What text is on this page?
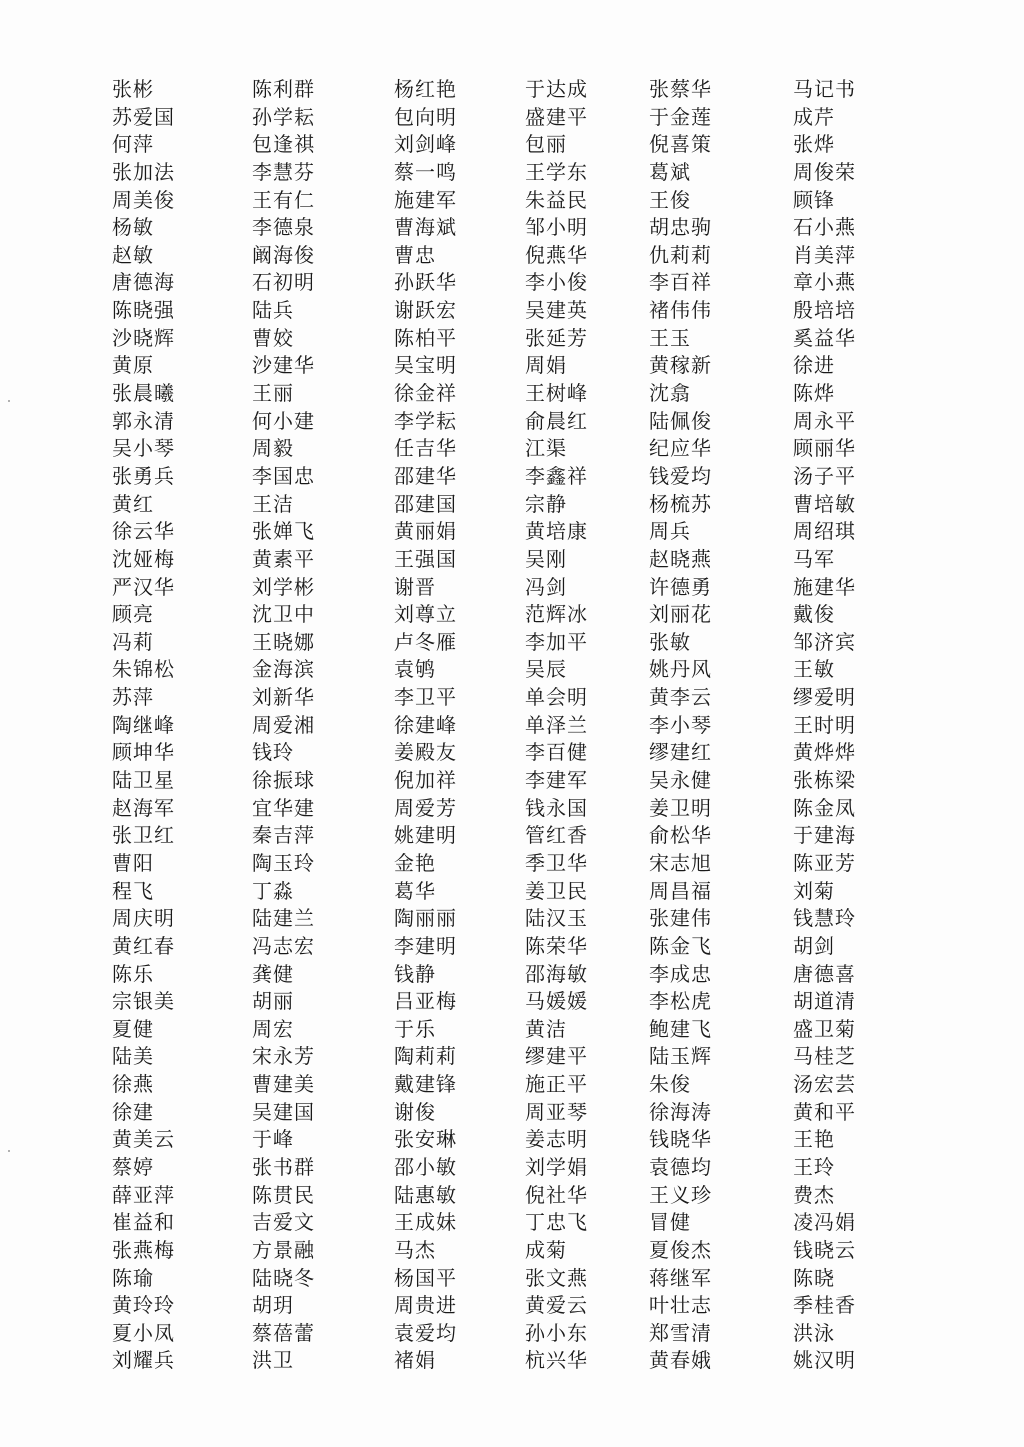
张彬	陈利群	杨红艳	于达成	张蔡华	马记书
苏爱国	孙学耘	包向明	盛建平	于金莲	成芹
何萍	包逢祺	刘剑峰	包丽	倪喜策	张烨
张加法	李慧芬	蔡一鸣	王学东	葛斌	周俊荣
周美俊	王有仁	施建军	朱益民	王俊	顾锋
杨敏	李德泉	曹海斌	邹小明	胡忠驹	石小燕
赵敏	阚海俊	曹忠	倪燕华	仇莉莉	肖美萍
唐德海	石初明	孙跃华	李小俊	李百祥	章小燕
陈晓强	陆兵	谢跃宏	吴建英	褚伟伟	殷培培
沙晓辉	曹姣	陈柏平	张延芳	王玉	奚益华
黄原	沙建华	吴宝明	周娟	黄稼新	徐进
张晨曦	王丽	徐金祥	王树峰	沈翕	陈烨
郭永清	何小建	李学耘	俞晨红	陆佩俊	周永平
吴小琴	周毅	任吉华	江渠	纪应华	顾丽华
张勇兵	李国忠	邵建华	李鑫祥	钱爱均	汤子平
黄红	王洁	邵建国	宗静	杨梳苏	曹培敏
徐云华	张婵飞	黄丽娟	黄培康	周兵	周绍琪
沈娅梅	黄素平	王强国	吴刚	赵晓燕	马军
严汉华	刘学彬	谢晋	冯剑	许德勇	施建华
顾亮	沈卫中	刘尊立	范辉冰	刘丽花	戴俊
冯莉	王晓娜	卢冬雁	李加平	张敏	邹济宾
朱锦松	金海滨	袁鸲	吴辰	姚丹风	王敏
苏萍	刘新华	李卫平	单会明	黄李云	缪爱明
陶继峰	周爱湘	徐建峰	单泽兰	李小琴	王时明
顾坤华	钱玲	姜殿友	李百健	缪建红	黄烨烨
陆卫星	徐振球	倪加祥	李建军	吴永健	张栋梁
赵海军	宜华建	周爱芳	钱永国	姜卫明	陈金凤
张卫红	秦吉萍	姚建明	管红香	俞松华	于建海
曹阳	陶玉玲	金艳	季卫华	宋志旭	陈亚芳
程飞	丁淼	葛华	姜卫民	周昌福	刘菊
周庆明	陆建兰	陶丽丽	陆汉玉	张建伟	钱慧玲
黄红春	冯志宏	李建明	陈荣华	陈金飞	胡剑
陈乐	龚健	钱静	邵海敏	李成忠	唐德喜
宗银美	胡丽	吕亚梅	马媛媛	李松虎	胡道清
夏健	周宏	于乐	黄洁	鲍建飞	盛卫菊
陆美	宋永芳	陶莉莉	缪建平	陆玉辉	马桂芝
徐燕	曹建美	戴建锋	施正平	朱俊	汤宏芸
徐建	吴建国	谢俊	周亚琴	徐海涛	黄和平
黄美云	于峰	张安琳	姜志明	钱晓华	王艳
蔡婷	张书群	邵小敏	刘学娟	袁德均	王玲
薛亚萍	陈贯民	陆惠敏	倪社华	王义珍	费杰
崔益和	吉爱文	王成妹	丁忠飞	冒健	凌冯娟
张燕梅	方景融	马杰	成菊	夏俊杰	钱晓云
陈瑜	陆晓冬	杨国平	张文燕	蒋继军	陈晓
黄玲玲	胡玥	周贵进	黄爱云	叶壮志	季桂香
夏小凤	蔡蓓蕾	袁爱均	孙小东	郑雪清	洪泳
刘耀兵	洪卫	褚娟	杭兴华	黄春娥	姚汉明
